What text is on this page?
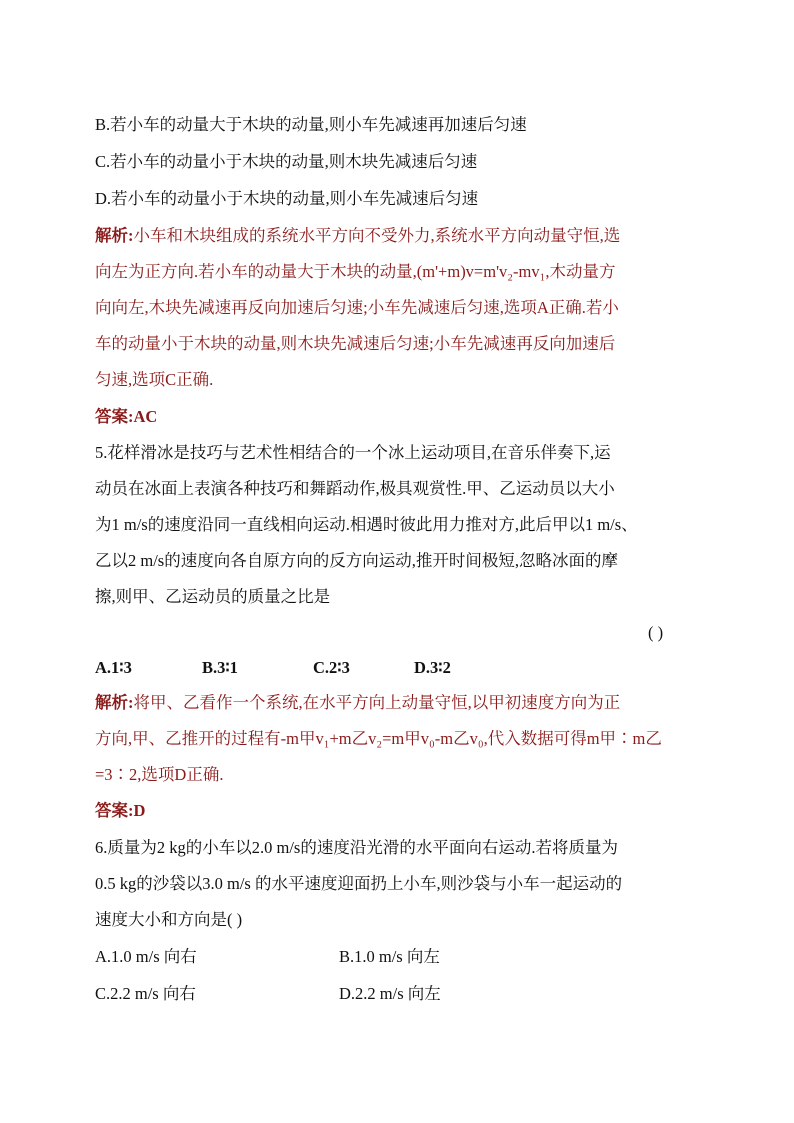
B.若小车的动量大于木块的动量,则小车先减速再加速后匀速
C.若小车的动量小于木块的动量,则木块先减速后匀速
D.若小车的动量小于木块的动量,则小车先减速后匀速
解析:小车和木块组成的系统水平方向不受外力,系统水平方向动量守恒,选
向左为正方向.若小车的动量大于木块的动量,(m'+m)v=m'v₂-mv₁,木动量方
向向左,木块先减速再反向加速后匀速;小车先减速后匀速,选项A正确.若小
车的动量小于木块的动量,则木块先减速后匀速;小车先减速再反向加速后
匀速,选项C正确.
答案:AC
5.花样滑冰是技巧与艺术性相结合的一个冰上运动项目,在音乐伴奏下,运
动员在冰面上表演各种技巧和舞蹈动作,极具观赏性.甲、乙运动员以大小
为1 m/s的速度沿同一直线相向运动.相遇时彼此用力推对方,此后甲以1 m/s、
乙以2 m/s的速度向各自原方向的反方向运动,推开时间极短,忽略冰面的摩
擦,则甲、乙运动员的质量之比是
( )
A.1∶3	B.3∶1	C.2∶3	D.3∶2
解析:将甲、乙看作一个系统,在水平方向上动量守恒,以甲初速度方向为正
方向,甲、乙推开的过程有-m甲v₁+m乙v₂=m甲v₀-m乙v₀,代入数据可得m甲∶m乙
=3∶2,选项D正确.
答案:D
6.质量为2 kg的小车以2.0 m/s的速度沿光滑的水平面向右运动.若将质量为
0.5 kg的沙袋以3.0 m/s 的水平速度迎面扔上小车,则沙袋与小车一起运动的
速度大小和方向是( )
A.1.0 m/s 向右	B.1.0 m/s 向左
C.2.2 m/s 向右	D.2.2 m/s 向左
